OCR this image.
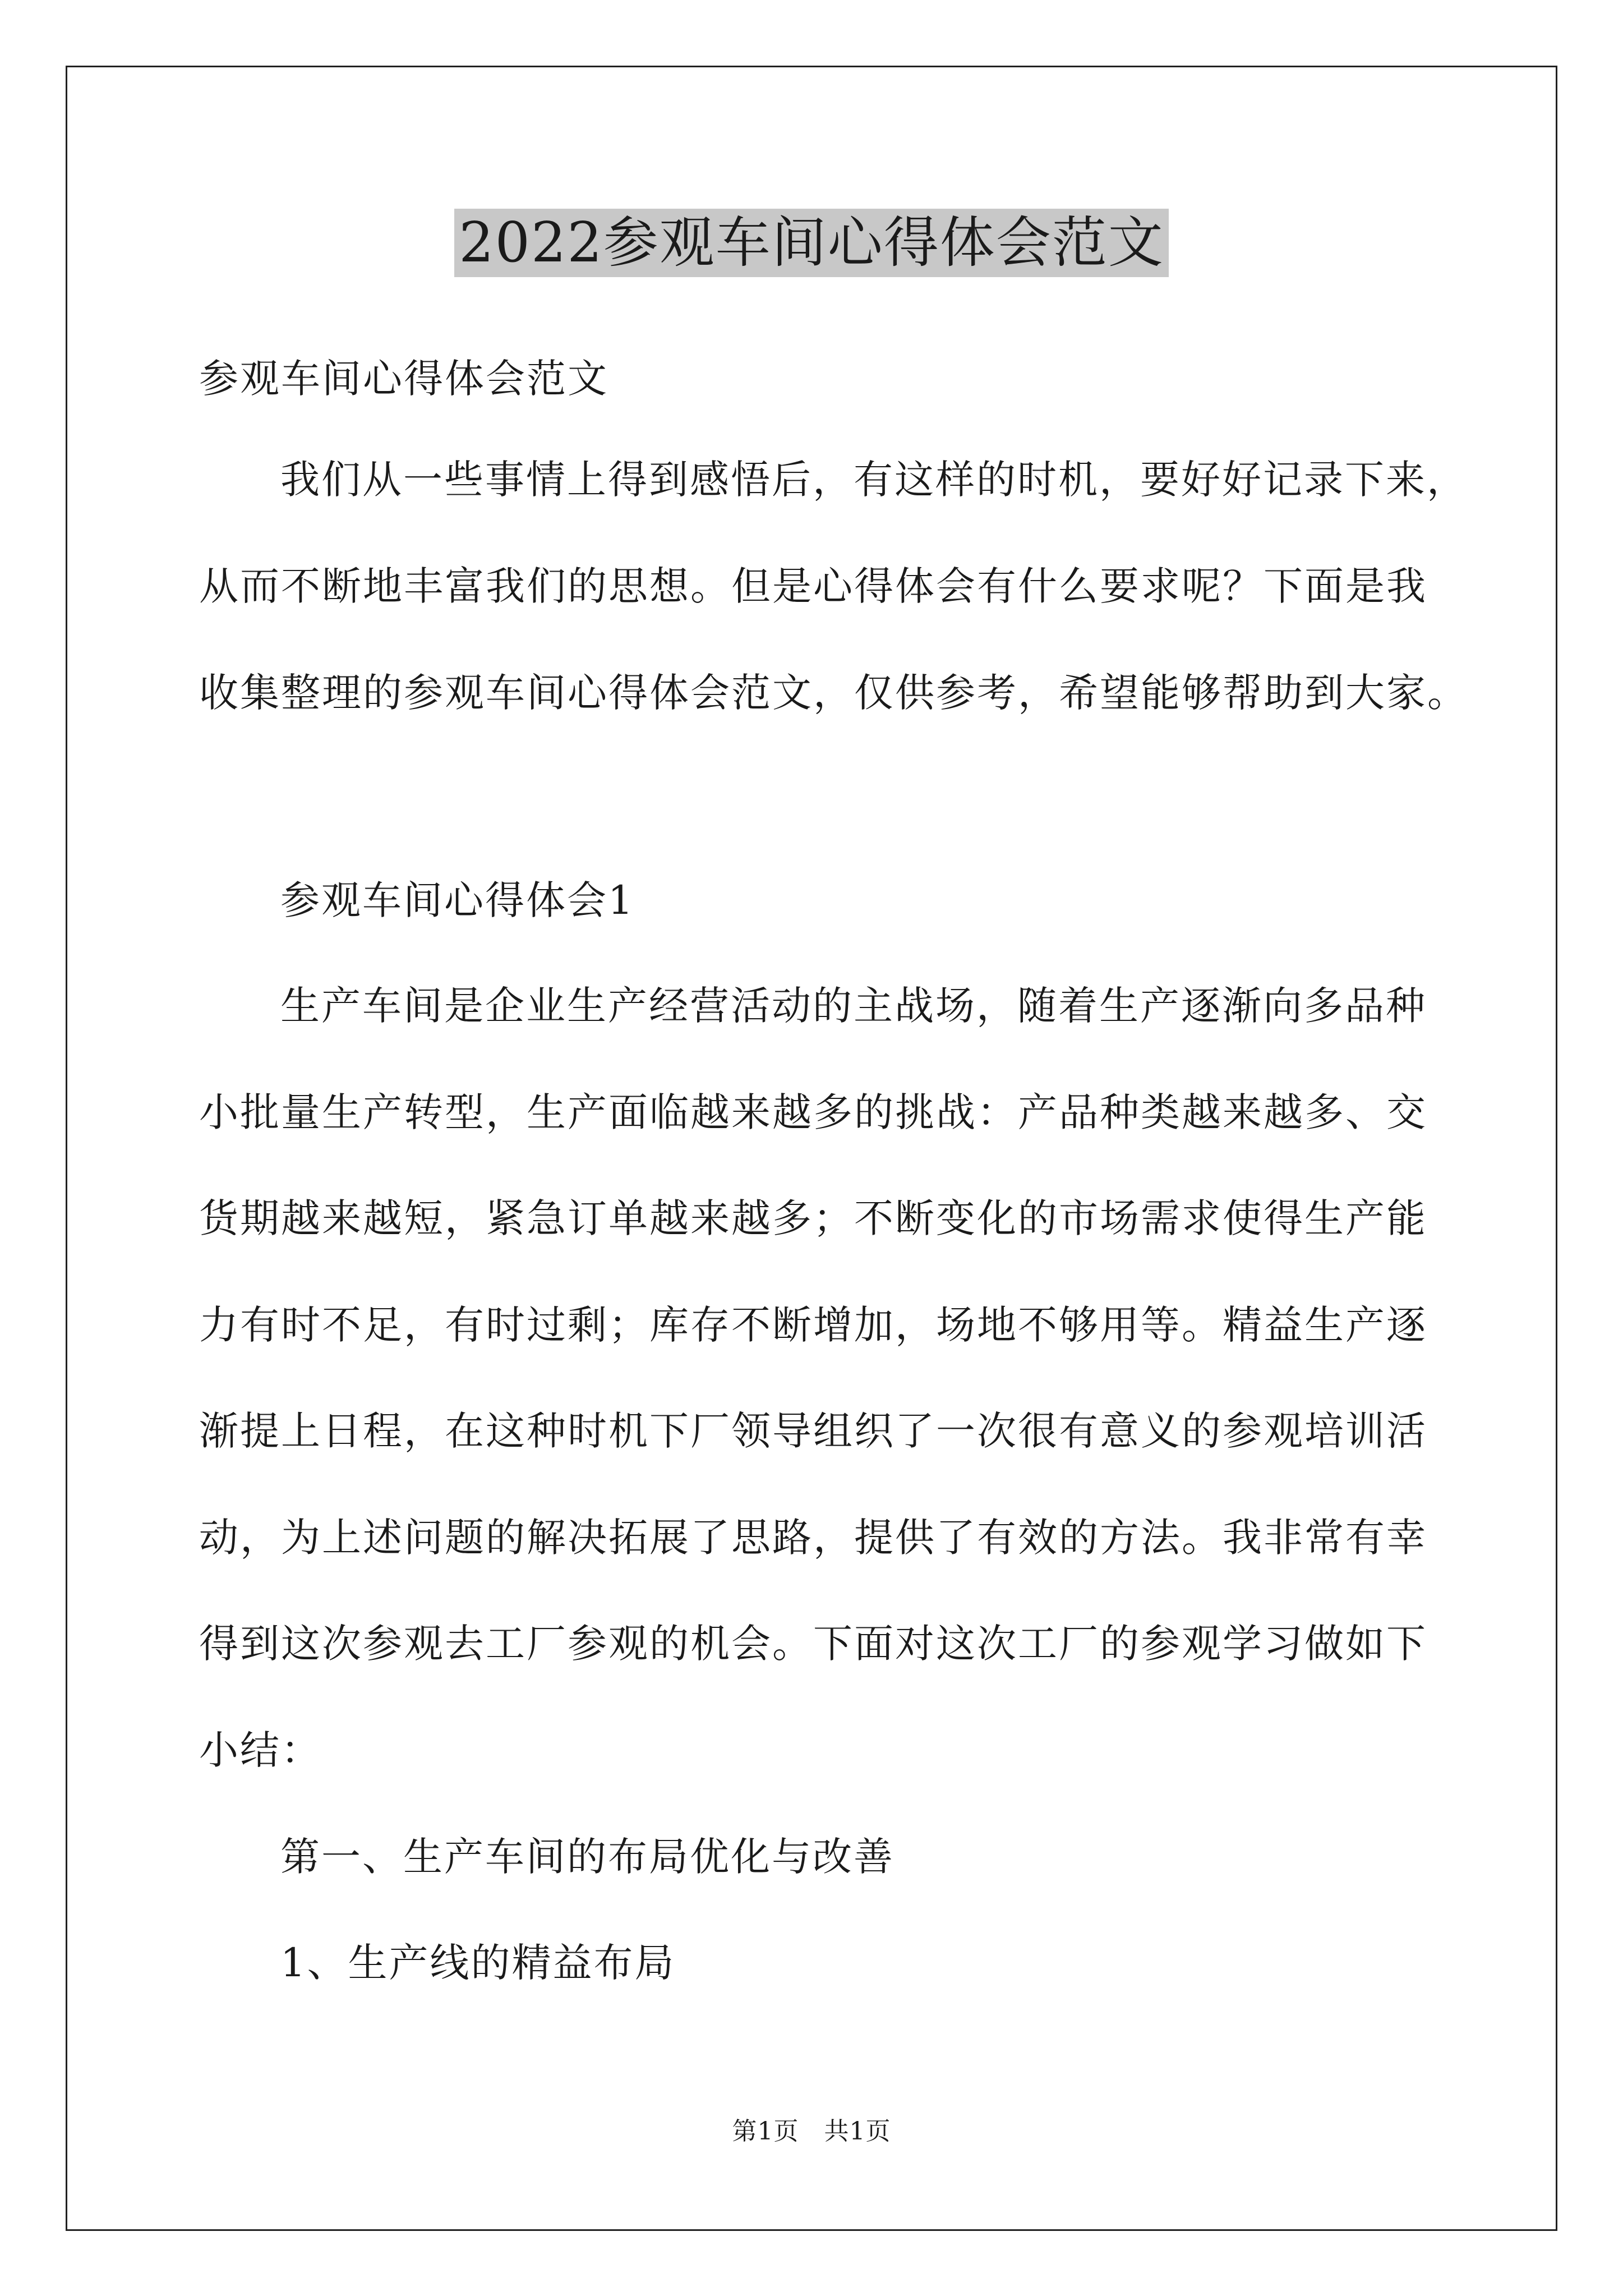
2022参观车间心得体会范文
参观车间心得体会范文
我们从一些事情上得到感悟后，有这样的时机，要好好记录下来，
从而不断地丰富我们的思想。但是心得体会有什么要求呢？下面是我
收集整理的参观车间心得体会范文，仅供参考，希望能够帮助到大家。
参观车间心得体会1
生产车间是企业生产经营活动的主战场，随着生产逐渐向多品种
小批量生产转型，生产面临越来越多的挑战：产品种类越来越多、交
货期越来越短，紧急订单越来越多；不断变化的市场需求使得生产能
力有时不足，有时过剩；库存不断增加，场地不够用等。精益生产逐
渐提上日程，在这种时机下厂领导组织了一次很有意义的参观培训活
动，为上述问题的解决拓展了思路，提供了有效的方法。我非常有幸
得到这次参观去工厂参观的机会。下面对这次工厂的参观学习做如下
小结：
第一、生产车间的布局优化与改善
1、生产线的精益布局
第1页　共1页
